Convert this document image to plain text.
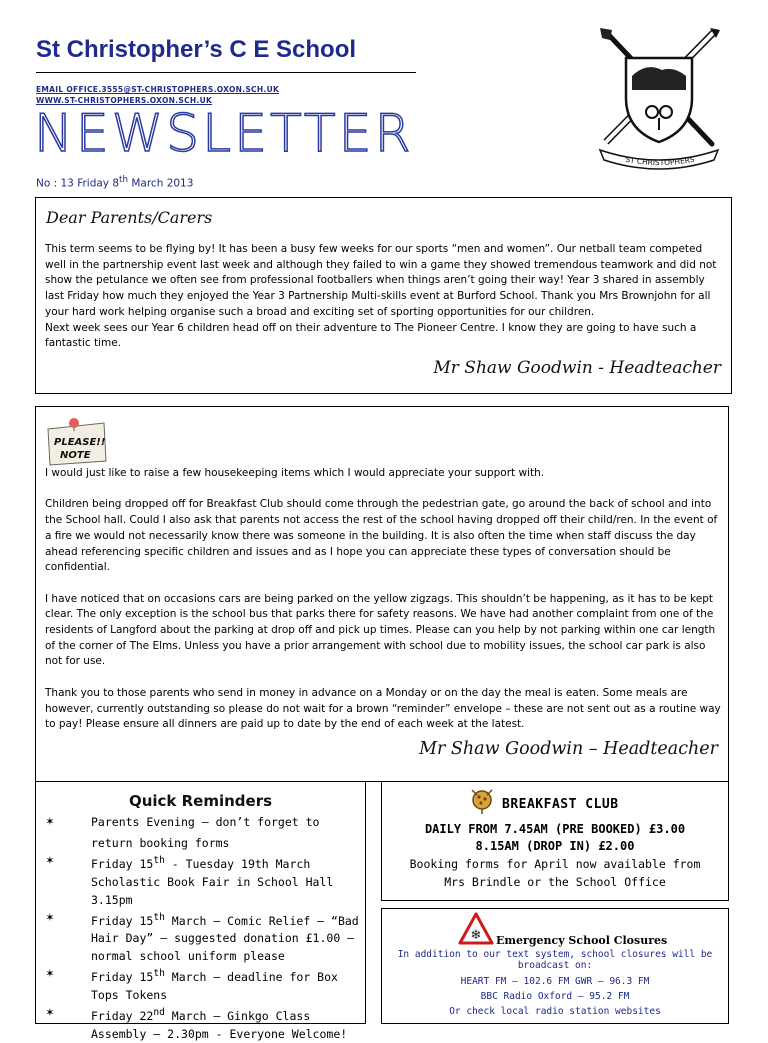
St Christopher’s C E School
EMAIL OFFICE.3555@ST-CHRISTOPHERS.OXON.SCH.UK
WWW.ST-CHRISTOPHERS.OXON.SCH.UK
NEWSLETTER
No : 13 Friday 8th March 2013
ST CHRISTOPHERS
Dear Parents/Carers

This term seems to be flying by! It has been a busy few weeks for our sports “men and women”. Our netball team competed well in the partnership event last week and although they failed to win a game they showed tremendous teamwork and did not show the petulance we often see from professional footballers when things aren’t going their way! Year 3 shared in assembly last Friday how much they enjoyed the Year 3 Partnership Multi-skills event at Burford School. Thank you Mrs Brownjohn for all your hard work helping organise such a broad and exciting set of sporting opportunities for our children.

Next week sees our Year 6 children head off on their adventure to The Pioneer Centre. I know they are going to have such a fantastic time.

Mr Shaw Goodwin - Headteacher
PLEASE!!
NOTE

I would just like to raise a few housekeeping items which I would appreciate your support with.

Children being dropped off for Breakfast Club should come through the pedestrian gate, go around the back of school and into the School hall. Could I also ask that parents not access the rest of the school having dropped off their child/ren. In the event of a fire we would not necessarily know there was someone in the building. It is also often the time when staff discuss the day ahead referencing specific children and issues and as I hope you can appreciate these types of conversation should be confidential.

I have noticed that on occasions cars are being parked on the yellow zigzags. This shouldn’t be happening, as it has to be kept clear. The only exception is the school bus that parks there for safety reasons. We have had another complaint from one of the residents of Langford about the parking at drop off and pick up times. Please can you help by not parking within one car length of the corner of The Elms. Unless you have a prior arrangement with school due to mobility issues, the school car park is also not for use.

Thank you to those parents who send in money in advance on a Monday or on the day the meal is eaten. Some meals are however, currently outstanding so please do not wait for a brown “reminder” envelope – these are not sent out as a routine way to pay! Please ensure all dinners are paid up to date by the end of each week at the latest.

Mr Shaw Goodwin – Headteacher
Quick Reminders
✶	Parents Evening – don’t forget to return booking forms
✶	Friday 15th - Tuesday 19th March Scholastic Book Fair in School Hall 3.15pm
✶	Friday 15th March – Comic Relief – “Bad Hair Day” – suggested donation £1.00 – normal school uniform please
✶	Friday 15th March – deadline for Box Tops Tokens
✶	Friday 22nd March – Ginkgo Class Assembly – 2.30pm - Everyone Welcome!
BREAKFAST CLUB
DAILY FROM 7.45AM (PRE BOOKED) £3.00
8.15AM (DROP IN) £2.00
Booking forms for April now available from
Mrs Brindle or the School Office
❄ Emergency School Closures
In addition to our text system, school closures will be broadcast on:
HEART FM – 102.6 FM GWR – 96.3 FM
BBC Radio Oxford – 95.2 FM
Or check local radio station websites
